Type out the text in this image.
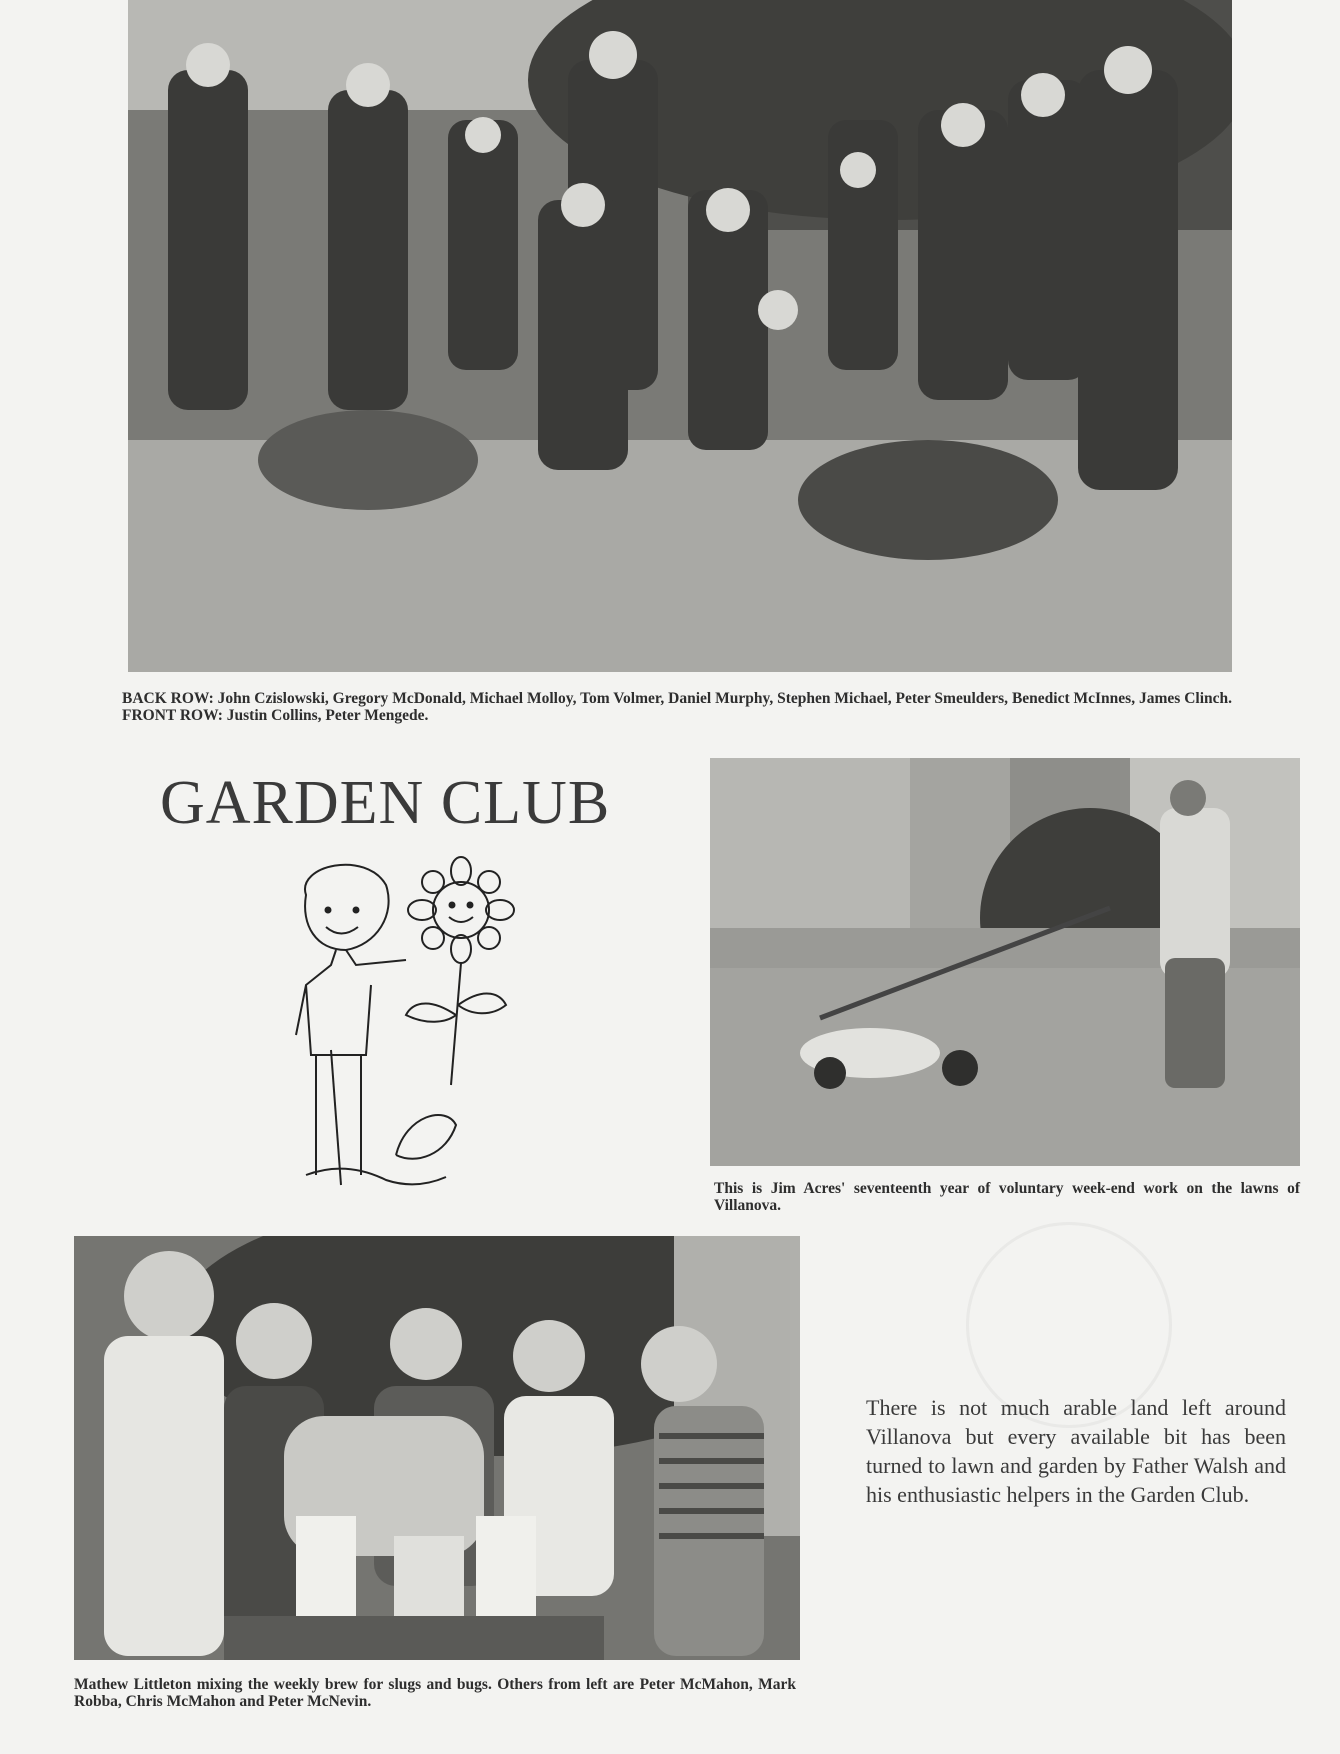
BACK ROW: John Czislowski, Gregory McDonald, Michael Molloy, Tom Volmer, Daniel Murphy, Stephen Michael, Peter Smeulders, Benedict McInnes, James Clinch. FRONT ROW: Justin Collins, Peter Mengede.
GARDEN CLUB
This is Jim Acres' seventeenth year of voluntary week-end work on the lawns of Villanova.
Mathew Littleton mixing the weekly brew for slugs and bugs. Others from left are Peter McMahon, Mark Robba, Chris McMahon and Peter McNevin.
There is not much arable land left around Villanova but every available bit has been turned to lawn and garden by Father Walsh and his enthusiastic helpers in the Garden Club.
